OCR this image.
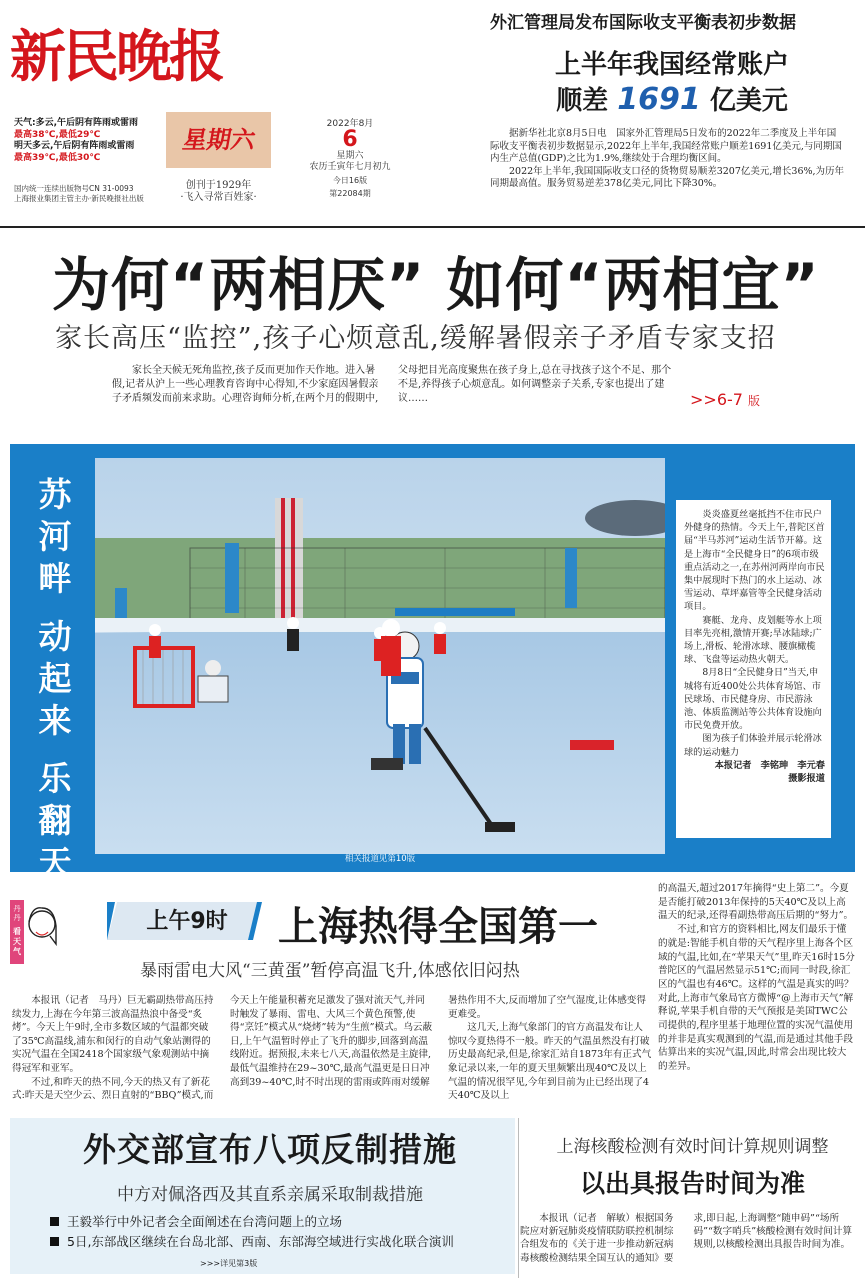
新民晚报
天气:多云,午后阴有阵雨或雷雨
最高38℃,最低29℃
明天多云,午后阴有阵雨或雷雨
最高39℃,最低30℃
国内统一连续出版物号CN 31-0093
上海报业集团主管主办·新民晚报社出版
星期六
创刊于1929年
·飞入寻常百姓家·
2022年8月
6
星期六
农历壬寅年七月初九
今日16版
第22084期
外汇管理局发布国际收支平衡表初步数据
上半年我国经常账户
顺差 1691 亿美元

据新华社北京8月5日电　国家外汇管理局5日发布的2022年二季度及上半年国际收支平衡表初步数据显示,2022年上半年,我国经常账户顺差1691亿美元,与同期国内生产总值(GDP)之比为1.9%,继续处于合理均衡区间。

2022年上半年,我国国际收支口径的货物贸易顺差3207亿美元,增长36%,为历年同期最高值。服务贸易逆差378亿美元,同比下降30%。

为何“两相厌” 如何“两相宜”
家长高压“监控”,孩子心烦意乱,缓解暑假亲子矛盾专家支招

家长全天候无死角监控,孩子反而更加作天作地。进入暑假,记者从沪上一些心理教育咨询中心得知,不少家庭因暑假亲子矛盾频发而前来求助。心理咨询师分析,在两个月的假期中,父母把目光高度聚焦在孩子身上,总在寻找孩子这个不足、那个不是,养得孩子心烦意乱。如何调整亲子关系,专家也提出了建议……	>>6-7 版
苏
河
畔
动
起
来
乐
翻
天	相关报道见第10版

炎炎盛夏丝毫抵挡不住市民户外健身的热情。今天上午,普陀区首届“半马苏河”运动生活节开幕。这是上海市“全民健身日”的6项市级重点活动之一,在苏州河两岸向市民集中展现时下热门的水上运动、冰雪运动、草坪嘉管等全民健身活动项目。

赛艇、龙舟、皮划艇等水上项目率先亮相,激情开赛;旱冰陆球;广场上,滑板、轮滑冰球、腰旗橄榄球、飞盘等运动热火朝天。

8月8日“全民健身日”当天,申城将有近400处公共体育场馆、市民球场、市民健身房、市民游泳池、体质监测站等公共体育设施向市民免费开放。

图为孩子们体验并展示轮滑冰球的运动魅力

本报记者　李铭珅　李元春

摄影报道

丹丹
看天气
上午9时	上海热得全国第一
暴雨雷电大风“三黄蛋”暂停高温飞升,体感依旧闷热

本报讯（记者　马丹）巨无霸副热带高压持续发力,上海在今年第三波高温热浪中备受“炙烤”。今天上午9时,全市多数区域的气温都突破了35℃高温线,浦东和闵行的自动气象站测得的实况气温在全国2418个国家级气象观测站中摘得冠军和亚军。

不过,和昨天的热不同,今天的热又有了新花式:昨天是天空少云、烈日直射的“BBQ”模式,而今天上午能量积蓄充足激发了强对流天气,并同时触发了暴雨、雷电、大风三个黄色预警,使得“烹饪”模式从“烧烤”转为“生煎”模式。乌云蔽日,上午气温暂时停止了飞升的脚步,回落到高温线附近。据预报,未来七八天,高温依然是主旋律,最低气温维持在29~30℃,最高气温更是日日冲高到39~40℃,时不时出现的雷雨或阵雨对缓解暑热作用不大,反而增加了空气湿度,让体感变得更难受。

这几天,上海气象部门的官方高温发布让人惊叹今夏热得不一般。昨天的气温虽然没有打破历史最高纪录,但是,徐家汇站自1873年有正式气象记录以来,一年的夏天里频繁出现40℃及以上气温的情况很罕见,今年到目前为止已经出现了4天40℃及以上

的高温天,超过2017年摘得“史上第二”。今夏是否能打破2013年保持的5天40℃及以上高温天的纪录,还得看副热带高压后期的“努力”。

不过,和官方的资料相比,网友们最乐于懂的就是:智能手机自带的天气程序里上海各个区域的气温,比如,在“苹果天气”里,昨天16时15分普陀区的气温居然显示51℃;而同一时段,徐汇区的气温也有46℃。这样的气温是真实的吗？对此,上海市气象局官方微博“@上海市天气”解释说,苹果手机自带的天气预报是美国TWC公司提供的,程序里基于地理位置的实况气温使用的并非是真实观测到的气温,而是通过其他手段估算出来的实况气温,因此,时常会出现比较大的差异。

外交部宣布八项反制措施
中方对佩洛西及其直系亲属采取制裁措施
王毅举行中外记者会全面阐述在台湾问题上的立场
5日,东部战区继续在台岛北部、西南、东部海空域进行实战化联合演训
>>>详见第3版
上海核酸检测有效时间计算规则调整
以出具报告时间为准

本报讯（记者　解敏）根据国务院应对新冠肺炎疫情联防联控机制综合组发布的《关于进一步推动新冠病毒核酸检测结果全国互认的通知》要求,即日起,上海调整“随申码”“场所码”“数字哨兵”核酸检测有效时间计算规则,以核酸检测出具报告时间为准。
